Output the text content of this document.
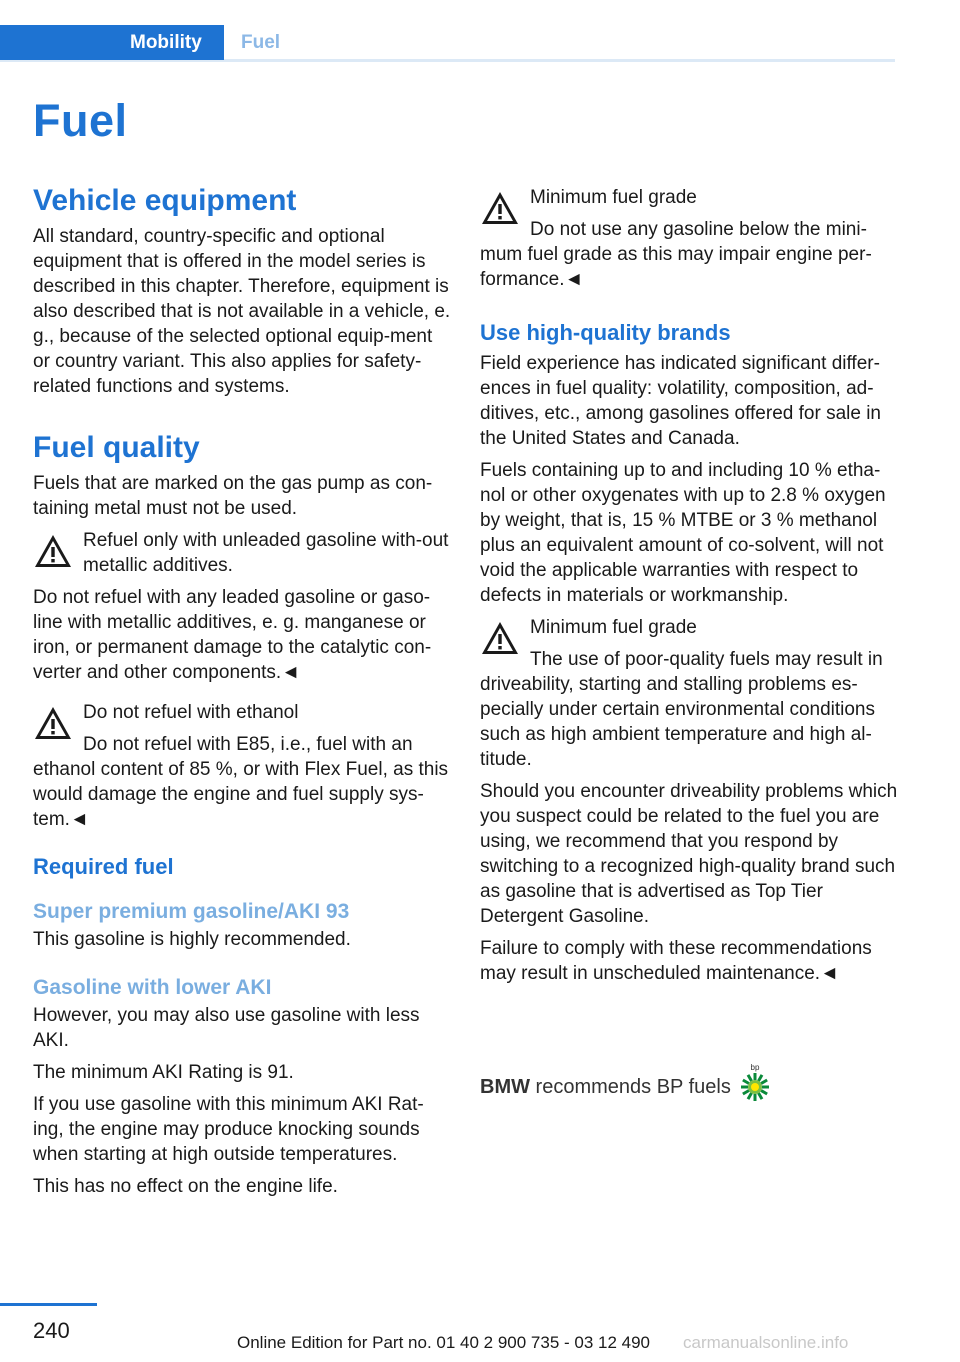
Mobility	Fuel
Fuel
Vehicle equipment

All standard, country-specific and optional equipment that is offered in the model series is described in this chapter. Therefore, equipment is also described that is not available in a vehicle, e. g., because of the selected optional equip-ment or country variant. This also applies for safety-related functions and systems.

Fuel quality

Fuels that are marked on the gas pump as con-taining metal must not be used.

Refuel only with unleaded gasoline with-out metallic additives.

Do not refuel with any leaded gasoline or gaso-line with metallic additives, e. g. manganese or iron, or permanent damage to the catalytic con-verter and other components.◄

Do not refuel with ethanol
Do not refuel with E85, i.e., fuel with an

ethanol content of 85 %, or with Flex Fuel, as this would damage the engine and fuel supply sys-tem.◄

Required fuel
Super premium gasoline/AKI 93

This gasoline is highly recommended.

Gasoline with lower AKI

However, you may also use gasoline with less AKI.

The minimum AKI Rating is 91.

If you use gasoline with this minimum AKI Rat-ing, the engine may produce knocking sounds when starting at high outside temperatures.

This has no effect on the engine life.

Minimum fuel grade
Do not use any gasoline below the mini-

mum fuel grade as this may impair engine per-formance.◄

Use high-quality brands

Field experience has indicated significant differ-ences in fuel quality: volatility, composition, ad-ditives, etc., among gasolines offered for sale in the United States and Canada.

Fuels containing up to and including 10 % etha-nol or other oxygenates with up to 2.8 % oxygen by weight, that is, 15 % MTBE or 3 % methanol plus an equivalent amount of co-solvent, will not void the applicable warranties with respect to defects in materials or workmanship.

Minimum fuel grade
The use of poor-quality fuels may result in

driveability, starting and stalling problems es-pecially under certain environmental conditions such as high ambient temperature and high al-titude.

Should you encounter driveability problems which you suspect could be related to the fuel you are using, we recommend that you respond by switching to a recognized high-quality brand such as gasoline that is advertised as Top Tier Detergent Gasoline.

Failure to comply with these recommendations may result in unscheduled maintenance.◄

BMW recommends BP fuels
bp
240	Online Edition for Part no. 01 40 2 900 735 - 03 12 490 carmanualsonline.info
